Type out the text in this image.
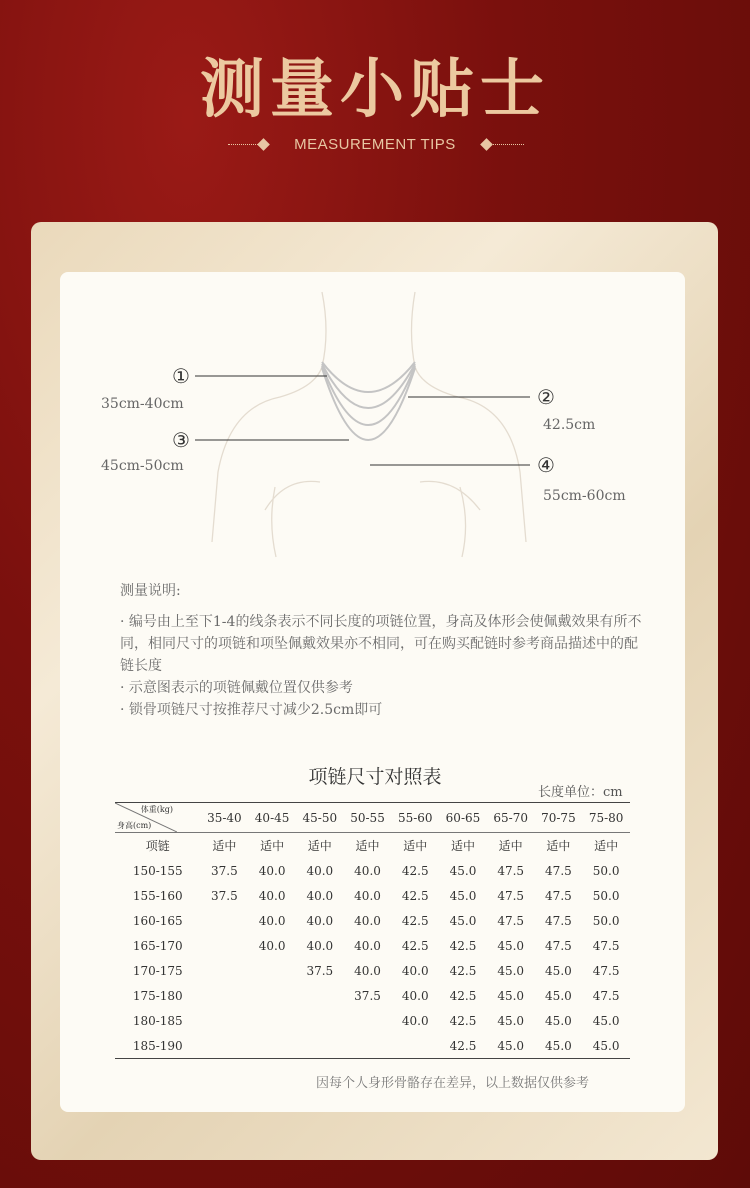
测量小贴士
MEASUREMENT TIPS
①
35cm-40cm	②
42.5cm
③
45cm-50cm	④
55cm-60cm

测量说明:

· 编号由上至下1-4的线条表示不同长度的项链位置，身高及体形会使佩戴效果有所不同，相同尺寸的项链和项坠佩戴效果亦不相同，可在购买配链时参考商品描述中的配链长度

· 示意图表示的项链佩戴位置仅供参考

· 锁骨项链尺寸按推荐尺寸减少2.5cm即可

项链尺寸对照表
长度单位：cm
体重(kg)
身高(cm)	35-40	40-45	45-50	50-55	55-60	60-65	65-70	70-75	75-80
项链	适中	适中	适中	适中	适中	适中	适中	适中	适中
150-155	37.5	40.0	40.0	40.0	42.5	45.0	47.5	47.5	50.0
155-160	37.5	40.0	40.0	40.0	42.5	45.0	47.5	47.5	50.0
160-165		40.0	40.0	40.0	42.5	45.0	47.5	47.5	50.0
165-170		40.0	40.0	40.0	42.5	42.5	45.0	47.5	47.5
170-175			37.5	40.0	40.0	42.5	45.0	45.0	47.5
175-180				37.5	40.0	42.5	45.0	45.0	47.5
180-185					40.0	42.5	45.0	45.0	45.0
185-190						42.5	45.0	45.0	45.0
因每个人身形骨骼存在差异，以上数据仅供参考
